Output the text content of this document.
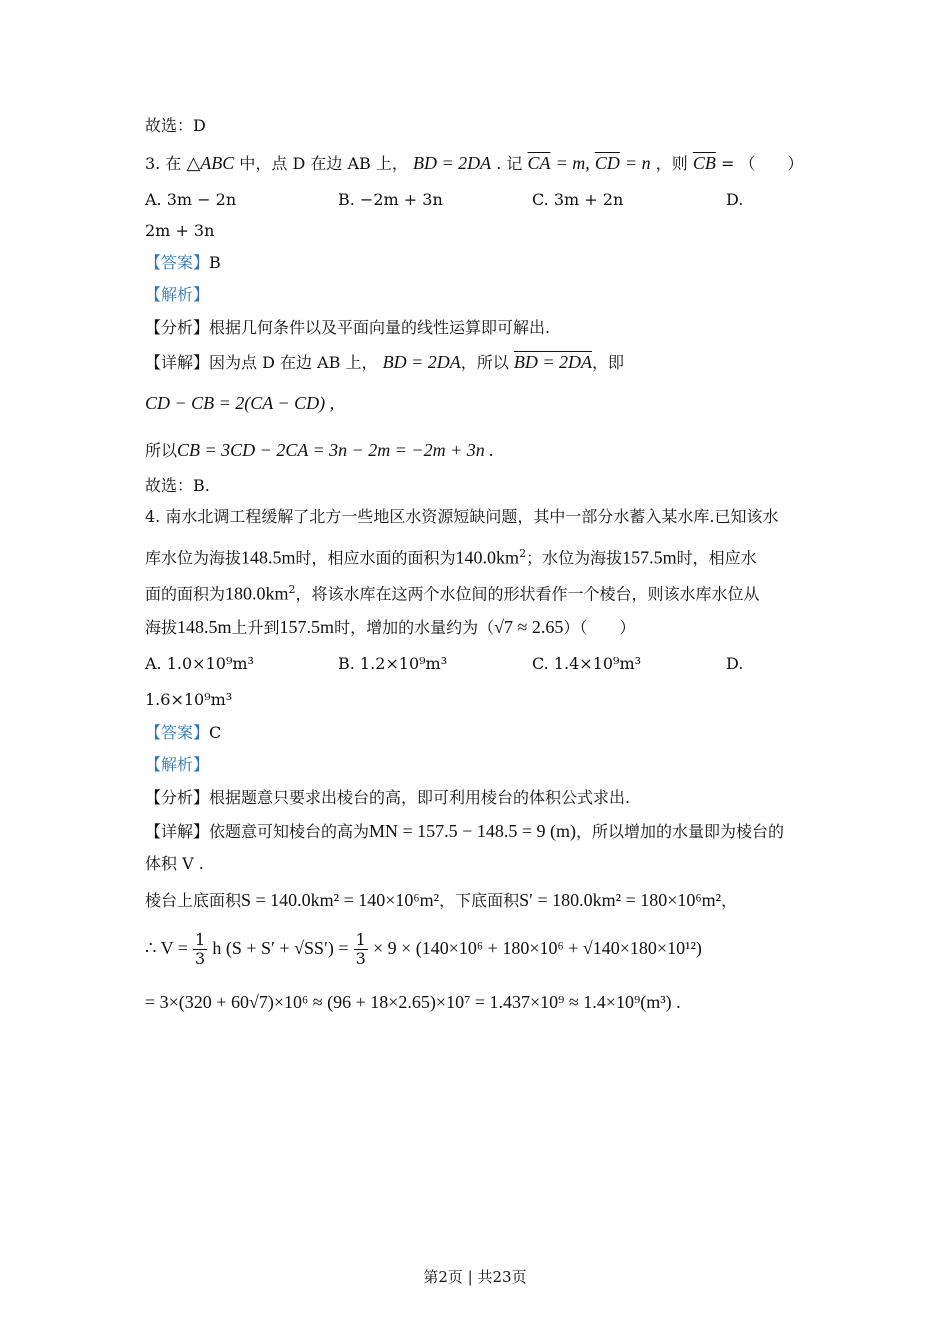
故选：D
3. 在 △ABC 中，点 D 在边 AB 上， BD = 2DA . 记 $\overline{CA} = m$, $\overline{CD} = n$ ，则 $\overline{CB}$ = （　　）
A. 3m − 2n	B. −2m + 3n	C. 3m + 2n	D.
2m + 3n
【答案】B
【解析】
【分析】根据几何条件以及平面向量的线性运算即可解出.
【详解】因为点 D 在边 AB 上， BD = 2DA，所以 BD = 2DA，即
CD − CB = 2(CA − CD) ,
所以CB = 3CD − 2CA = 3n − 2m = −2m + 3n .
故选：B.
4. 南水北调工程缓解了北方一些地区水资源短缺问题，其中一部分水蓄入某水库.已知该水
库水位为海拔148.5m时，相应水面的面积为$140.0km^2$；水位为海拔157.5m时，相应水
面的面积为$180.0km^2$，将该水库在这两个水位间的形状看作一个棱台，则该水库水位从
海拔148.5m上升到157.5m时，增加的水量约为（√7 ≈ 2.65）（　　）
A. 1.0×10⁹m³	B. 1.2×10⁹m³	C. 1.4×10⁹m³	D.
1.6×10⁹m³
【答案】C
【解析】
【分析】根据题意只要求出棱台的高，即可利用棱台的体积公式求出.
【详解】依题意可知棱台的高为MN = 157.5 − 148.5 = 9 (m)，所以增加的水量即为棱台的
体积 V .
棱台上底面积S = 140.0km² = 140×10⁶m²，下底面积S′ = 180.0km² = 180×10⁶m²，
∴ $V = \frac{1}{3}$ h $(S + S' + √SS') = \frac{1}{3} \times 9 \times (140\times 10^6 + 180\times 10^6 + √140\times 180\times 10^{12})$
= 3×(320 + 60√7)×10⁶ ≈ (96 + 18×2.65)×10⁷ = 1.437×10⁹ ≈ 1.4×10⁹(m³) .
第2页 | 共23页
